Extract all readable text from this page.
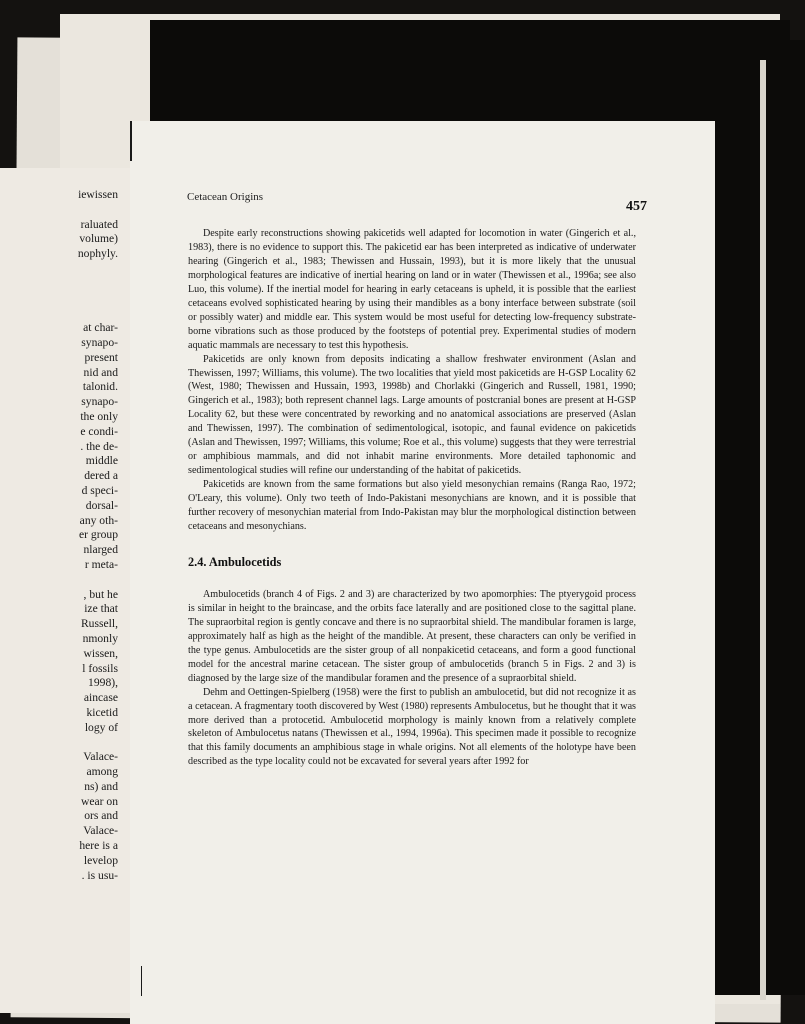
iewissen
raluated
volume)
nophyly.
at char-
synapo-
present
nid and
talonid.
synapo-
the only
e condi-
. the de-
middle
dered a
d speci-
dorsal-
any oth-
er group
nlarged
r meta-
, but he
ize that
Russell,
nmonly
wissen,
l fossils
1998),
aincase
kicetid
logy of
Valace-
among
ns) and
wear on
ors and
Valace-
here is a
levelop
. is usu-
Cetacean Origins
457

Despite early reconstructions showing pakicetids well adapted for locomotion in water (Gingerich et al., 1983), there is no evidence to support this. The pakicetid ear has been interpreted as indicative of underwater hearing (Gingerich et al., 1983; Thewissen and Hussain, 1993), but it is more likely that the unusual morphological features are indicative of inertial hearing on land or in water (Thewissen et al., 1996a; see also Luo, this volume). If the inertial model for hearing in early cetaceans is upheld, it is possible that the earliest cetaceans evolved sophisticated hearing by using their mandibles as a bony interface between substrate (soil or possibly water) and middle ear. This system would be most useful for detecting low-frequency substrate-borne vibrations such as those produced by the footsteps of potential prey. Experimental studies of modern aquatic mammals are necessary to test this hypothesis.

Pakicetids are only known from deposits indicating a shallow freshwater environment (Aslan and Thewissen, 1997; Williams, this volume). The two localities that yield most pakicetids are H-GSP Locality 62 (West, 1980; Thewissen and Hussain, 1993, 1998b) and Chorlakki (Gingerich and Russell, 1981, 1990; Gingerich et al., 1983); both represent channel lags. Large amounts of postcranial bones are present at H-GSP Locality 62, but these were concentrated by reworking and no anatomical associations are preserved (Aslan and Thewissen, 1997). The combination of sedimentological, isotopic, and faunal evidence on pakicetids (Aslan and Thewissen, 1997; Williams, this volume; Roe et al., this volume) suggests that they were terrestrial or amphibious mammals, and did not inhabit marine environments. More detailed taphonomic and sedimentological studies will refine our understanding of the habitat of pakicetids.

Pakicetids are known from the same formations but also yield mesonychian remains (Ranga Rao, 1972; O'Leary, this volume). Only two teeth of Indo-Pakistani mesonychians are known, and it is possible that further recovery of mesonychian material from Indo-Pakistan may blur the morphological distinction between cetaceans and mesonychians.

2.4. Ambulocetids

Ambulocetids (branch 4 of Figs. 2 and 3) are characterized by two apomorphies: The ptyerygoid process is similar in height to the braincase, and the orbits face laterally and are positioned close to the sagittal plane. The supraorbital region is gently concave and there is no supraorbital shield. The mandibular foramen is large, approximately half as high as the height of the mandible. At present, these characters can only be verified in the type genus. Ambulocetids are the sister group of all nonpakicetid cetaceans, and form a good functional model for the ancestral marine cetacean. The sister group of ambulocetids (branch 5 in Figs. 2 and 3) is diagnosed by the large size of the mandibular foramen and the presence of a supraorbital shield.

Dehm and Oettingen-Spielberg (1958) were the first to publish an ambulocetid, but did not recognize it as a cetacean. A fragmentary tooth discovered by West (1980) represents Ambulocetus, but he thought that it was more derived than a protocetid. Ambulocetid morphology is mainly known from a relatively complete skeleton of Ambulocetus natans (Thewissen et al., 1994, 1996a). This specimen made it possible to recognize that this family documents an amphibious stage in whale origins. Not all elements of the holotype have been described as the type locality could not be excavated for several years after 1992 for
